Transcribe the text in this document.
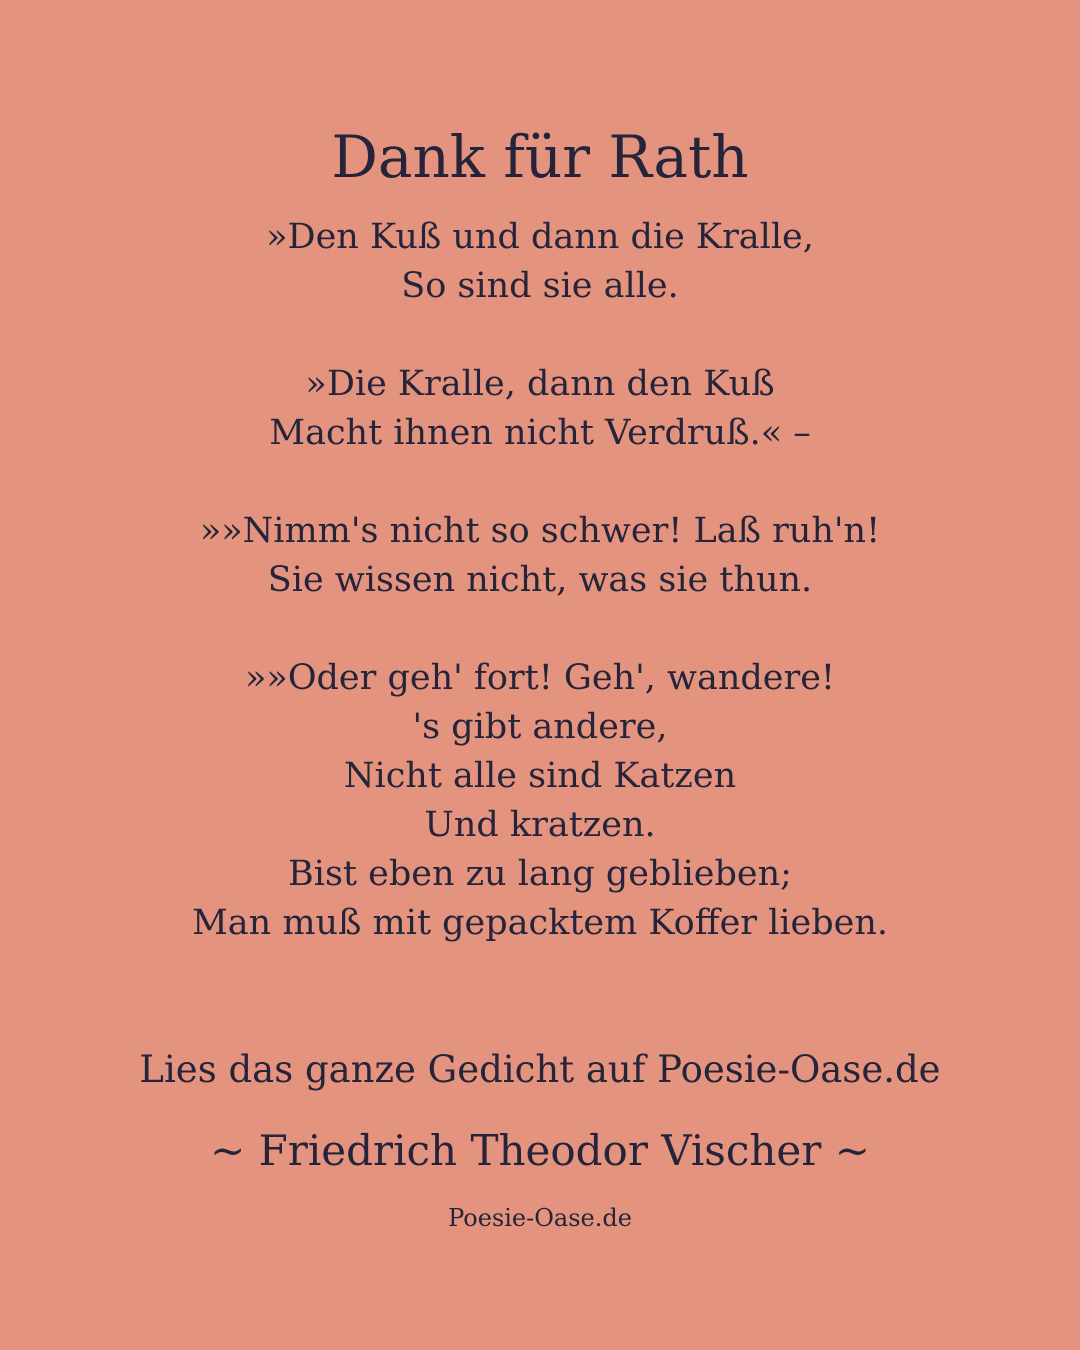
Dank für Rath
»Den Kuß und dann die Kralle,
So sind sie alle.
»Die Kralle, dann den Kuß
Macht ihnen nicht Verdruß.« –
»»Nimm's nicht so schwer! Laß ruh'n!
Sie wissen nicht, was sie thun.
»»Oder geh' fort! Geh', wandere!
's gibt andere,
Nicht alle sind Katzen
Und kratzen.
Bist eben zu lang geblieben;
Man muß mit gepacktem Koffer lieben.
Lies das ganze Gedicht auf Poesie-Oase.de
~ Friedrich Theodor Vischer ~
Poesie-Oase.de
